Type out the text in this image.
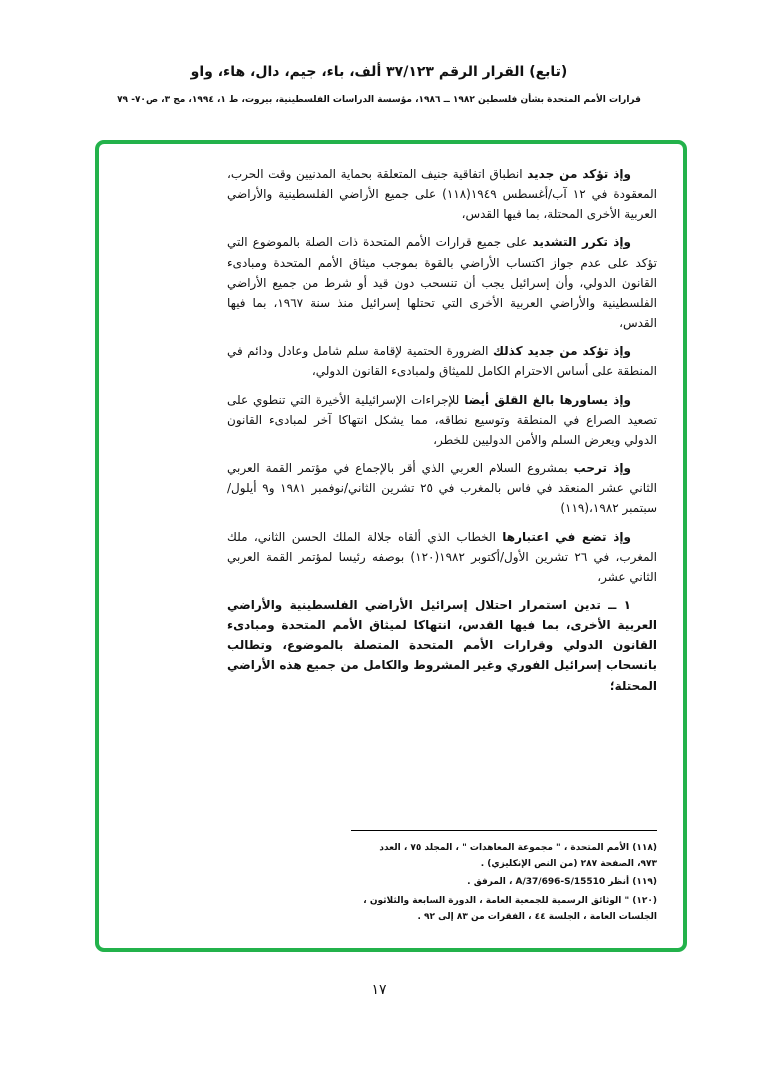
(تابع) القرار الرقم ٣٧/١٢٣ ألف، باء، جيم، دال، هاء، واو
قرارات الأمم المتحدة بشأن فلسطين ١٩٨٢ ــ ١٩٨٦، مؤسسة الدراسات الفلسطينية، بيروت، ط ١، ١٩٩٤، مج ٣، ص٧٠- ٧٩

وإذ تؤكد من جديد انطباق اتفاقية جنيف المتعلقة بحماية المدنيين وقت الحرب، المعقودة في ١٢ آب/أغسطس ١٩٤٩(١١٨) على جميع الأراضي الفلسطينية والأراضي العربية الأخرى المحتلة، بما فيها القدس،

وإذ تكرر التشديد على جميع قرارات الأمم المتحدة ذات الصلة بالموضوع التي تؤكد على عدم جواز اكتساب الأراضي بالقوة بموجب ميثاق الأمم المتحدة ومبادىء القانون الدولي، وأن إسرائيل يجب أن تنسحب دون قيد أو شرط من جميع الأراضي الفلسطينية والأراضي العربية الأخرى التي تحتلها إسرائيل منذ سنة ١٩٦٧، بما فيها القدس،

وإذ تؤكد من جديد كذلك الضرورة الحتمية لإقامة سلم شامل وعادل ودائم في المنطقة على أساس الاحترام الكامل للميثاق ولمبادىء القانون الدولي،

وإذ يساورها بالغ القلق أيضا للإجراءات الإسرائيلية الأخيرة التي تنطوي على تصعيد الصراع في المنطقة وتوسيع نطاقه، مما يشكل انتهاكا آخر لمبادىء القانون الدولي ويعرض السلم والأمن الدوليين للخطر،

وإذ ترحب بمشروع السلام العربي الذي أقر بالإجماع في مؤتمر القمة العربي الثاني عشر المنعقد في فاس بالمغرب في ٢٥ تشرين الثاني/نوفمبر ١٩٨١ و٩ أيلول/سبتمبر ١٩٨٢،(١١٩)

وإذ تضع في اعتبارها الخطاب الذي ألقاه جلالة الملك الحسن الثاني، ملك المغرب، في ٢٦ تشرين الأول/أكتوبر ١٩٨٢(١٢٠) بوصفه رئيسا لمؤتمر القمة العربي الثاني عشر،

١ ــ تدين استمرار احتلال إسرائيل الأراضي الفلسطينية والأراضي العربية الأخرى، بما فيها القدس، انتهاكا لميثاق الأمم المتحدة ومبادىء القانون الدولي وقرارات الأمم المتحدة المتصلة بالموضوع، وتطالب بانسحاب إسرائيل الفوري وغير المشروط والكامل من جميع هذه الأراضي المحتلة؛

(١١٨) الأمم المتحدة ، " مجموعة المعاهدات " ، المجلد ٧٥ ، العدد ٩٧٣، الصفحة ٢٨٧ (من النص الإنكليزي) .

(١١٩) أنظر A/37/696-S/15510 ، المرفق .

(١٢٠) " الوثائق الرسمية للجمعية العامة ، الدورة السابعة والثلاثون ، الجلسات العامة ، الجلسة ٤٤ ، الفقرات من ٨٣ إلى ٩٢ .

١٧
